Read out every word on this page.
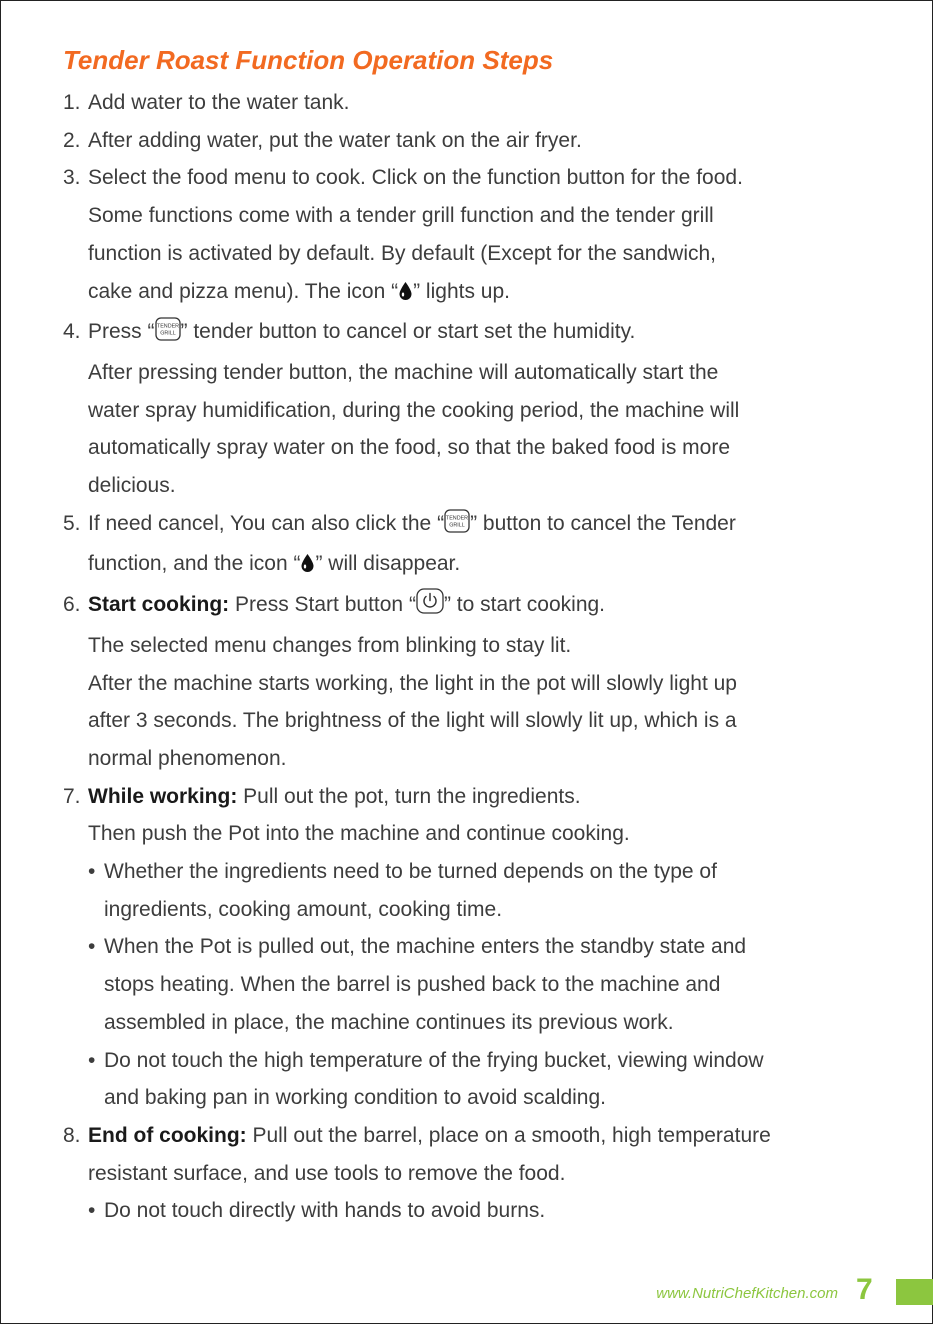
Tender Roast Function Operation Steps
1. Add water to the water tank.
2. After adding water, put the water tank on the air fryer.
3. Select the food menu to cook. Click on the function button for the food.
Some functions come with a tender grill function and the tender grill
function is activated by default. By default (Except for the sandwich,
cake and pizza menu). The icon “ ” lights up.
4. Press “ TENDER
GRILL ” tender button to cancel or start set the humidity.
After pressing tender button, the machine will automatically start the
water spray humidification, during the cooking period, the machine will
automatically spray water on the food, so that the baked food is more
delicious.
5. If need cancel, You can also click the “ TENDER
GRILL ” button to cancel the Tender
function, and the icon “ ” will disappear.
6. Start cooking: Press Start button “ ” to start cooking.
The selected menu changes from blinking to stay lit.
After the machine starts working, the light in the pot will slowly light up
after 3 seconds. The brightness of the light will slowly lit up, which is a
normal phenomenon.
7. While working: Pull out the pot, turn the ingredients.
Then push the Pot into the machine and continue cooking.
• Whether the ingredients need to be turned depends on the type of
ingredients, cooking amount, cooking time.
• When the Pot is pulled out, the machine enters the standby state and
stops heating. When the barrel is pushed back to the machine and
assembled in place, the machine continues its previous work.
• Do not touch the high temperature of the frying bucket, viewing window
and baking pan in working condition to avoid scalding.
8. End of cooking: Pull out the barrel, place on a smooth, high temperature
resistant surface, and use tools to remove the food.
• Do not touch directly with hands to avoid burns.
www.NutriChefKitchen.com 7
